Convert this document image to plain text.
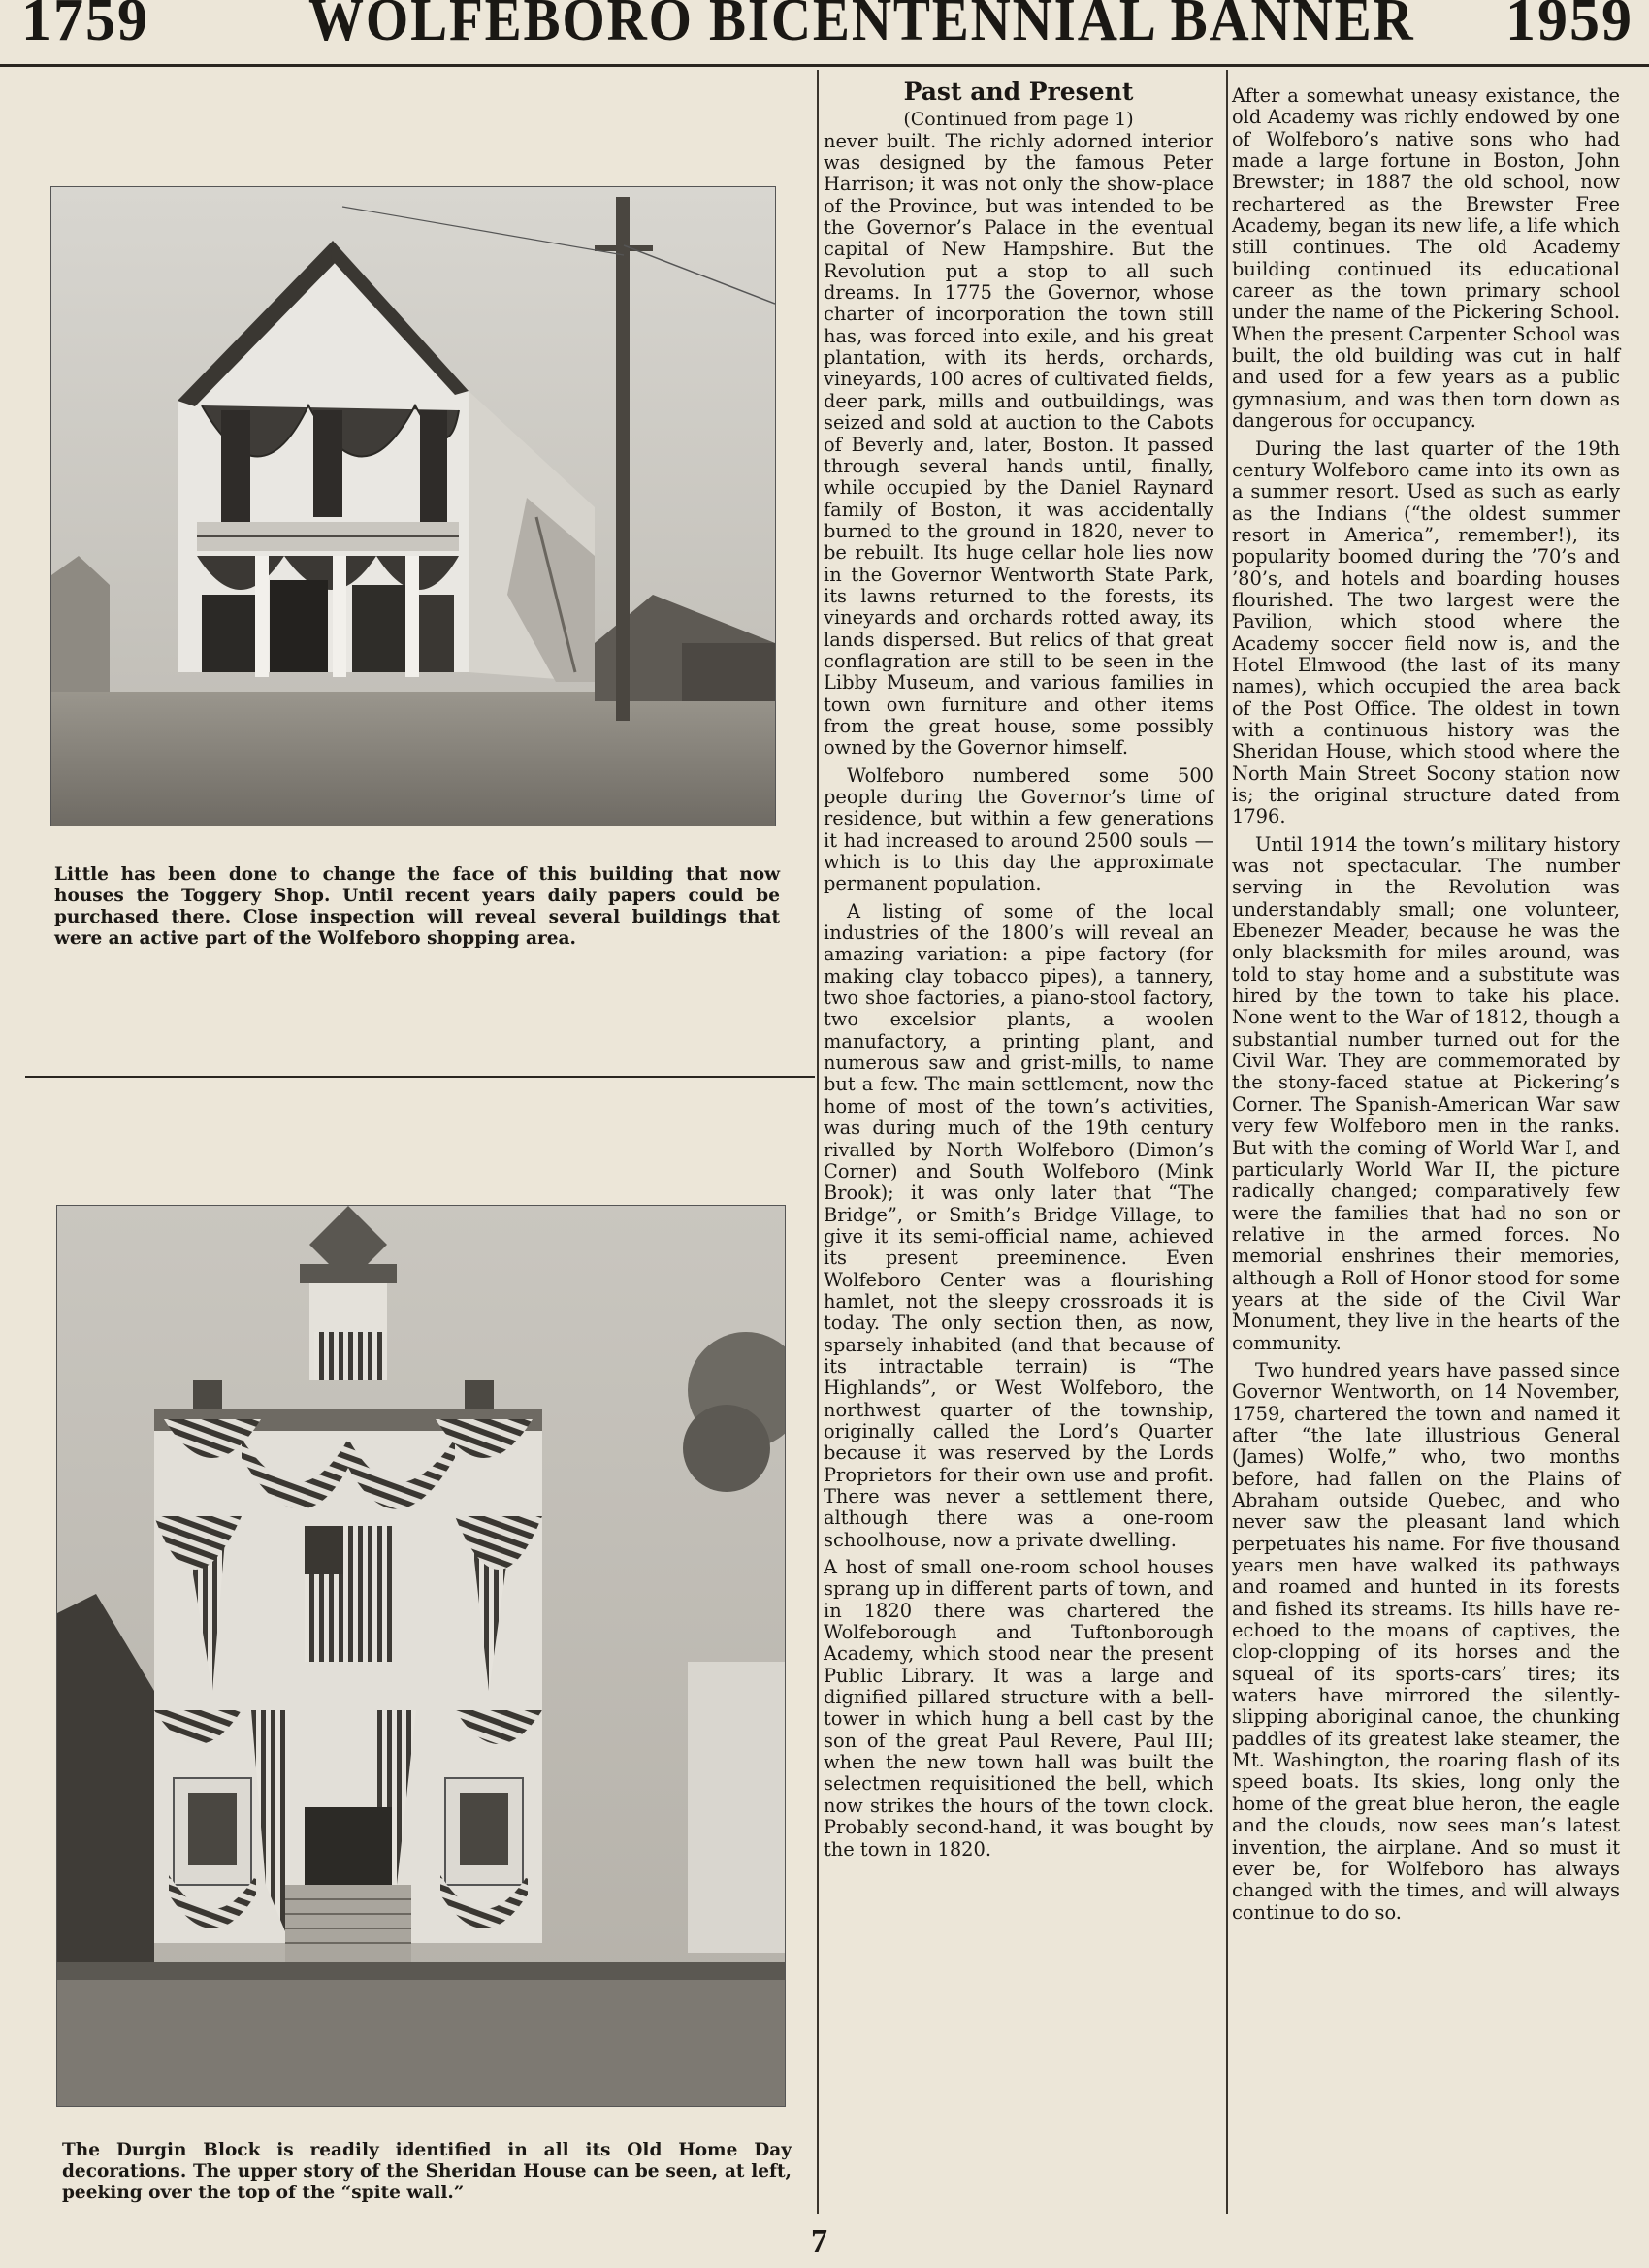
1759	WOLFEBORO BICENTENNIAL BANNER 1959
Little has been done to change the face of this building that now houses the Toggery Shop. Until recent years daily papers could be purchased there. Close inspection will reveal several buildings that were an active part of the Wolfeboro shopping area.
The Durgin Block is readily identified in all its Old Home Day decorations. The upper story of the Sheridan House can be seen, at left, peeking over the top of the “spite wall.”
Past and Present
(Continued from page 1)

never built. The richly adorned interior was designed by the famous Peter Harrison; it was not only the show-place of the Province, but was intended to be the Governor’s Palace in the eventual capital of New Hampshire. But the Revolution put a stop to all such dreams. In 1775 the Governor, whose charter of incorporation the town still has, was forced into exile, and his great plantation, with its herds, orchards, vineyards, 100 acres of cultivated fields, deer park, mills and outbuildings, was seized and sold at auction to the Cabots of Beverly and, later, Boston. It passed through several hands until, finally, while occupied by the Daniel Raynard family of Boston, it was accidentally burned to the ground in 1820, never to be rebuilt. Its huge cellar hole lies now in the Governor Wentworth State Park, its lawns returned to the forests, its vineyards and orchards rotted away, its lands dispersed. But relics of that great conflagration are still to be seen in the Libby Museum, and various families in town own furniture and other items from the great house, some possibly owned by the Governor himself.

Wolfeboro numbered some 500 people during the Governor’s time of residence, but within a few generations it had increased to around 2500 souls — which is to this day the approximate permanent population.

A listing of some of the local industries of the 1800’s will reveal an amazing variation: a pipe factory (for making clay tobacco pipes), a tannery, two shoe factories, a piano-stool factory, two excelsior plants, a woolen manufactory, a printing plant, and numerous saw and grist-mills, to name but a few. The main settlement, now the home of most of the town’s activities, was during much of the 19th century rivalled by North Wolfeboro (Dimon’s Corner) and South Wolfeboro (Mink Brook); it was only later that “The Bridge”, or Smith’s Bridge Village, to give it its semi-official name, achieved its present preeminence. Even Wolfeboro Center was a flourishing hamlet, not the sleepy crossroads it is today. The only section then, as now, sparsely inhabited (and that because of its intractable terrain) is “The Highlands”, or West Wolfeboro, the northwest quarter of the township, originally called the Lord’s Quarter because it was reserved by the Lords Proprietors for their own use and profit. There was never a settlement there, although there was a one-room schoolhouse, now a private dwelling.

A host of small one-room school houses sprang up in different parts of town, and in 1820 there was chartered the Wolfeborough and Tuftonborough Academy, which stood near the present Public Library. It was a large and dignified pillared structure with a bell-tower in which hung a bell cast by the son of the great Paul Revere, Paul III; when the new town hall was built the selectmen requisitioned the bell, which now strikes the hours of the town clock. Probably second-hand, it was bought by the town in 1820.

After a somewhat uneasy existance, the old Academy was richly endowed by one of Wolfeboro’s native sons who had made a large fortune in Boston, John Brewster; in 1887 the old school, now rechartered as the Brewster Free Academy, began its new life, a life which still continues. The old Academy building continued its educational career as the town primary school under the name of the Pickering School. When the present Carpenter School was built, the old building was cut in half and used for a few years as a public gymnasium, and was then torn down as dangerous for occupancy.

During the last quarter of the 19th century Wolfeboro came into its own as a summer resort. Used as such as early as the Indians (“the oldest summer resort in America”, remember!), its popularity boomed during the ’70’s and ’80’s, and hotels and boarding houses flourished. The two largest were the Pavilion, which stood where the Academy soccer field now is, and the Hotel Elmwood (the last of its many names), which occupied the area back of the Post Office. The oldest in town with a continuous history was the Sheridan House, which stood where the North Main Street Socony station now is; the original structure dated from 1796.

Until 1914 the town’s military history was not spectacular. The number serving in the Revolution was understandably small; one volunteer, Ebenezer Meader, because he was the only blacksmith for miles around, was told to stay home and a substitute was hired by the town to take his place. None went to the War of 1812, though a substantial number turned out for the Civil War. They are commemorated by the stony-faced statue at Pickering’s Corner. The Spanish-American War saw very few Wolfeboro men in the ranks. But with the coming of World War I, and particularly World War II, the picture radically changed; comparatively few were the families that had no son or relative in the armed forces. No memorial enshrines their memories, although a Roll of Honor stood for some years at the side of the Civil War Monument, they live in the hearts of the community.

Two hundred years have passed since Governor Wentworth, on 14 November, 1759, chartered the town and named it after “the late illustrious General (James) Wolfe,” who, two months before, had fallen on the Plains of Abraham outside Quebec, and who never saw the pleasant land which perpetuates his name. For five thousand years men have walked its pathways and roamed and hunted in its forests and fished its streams. Its hills have re-echoed to the moans of captives, the clop-clopping of its horses and the squeal of its sports-cars’ tires; its waters have mirrored the silently-slipping aboriginal canoe, the chunking paddles of its greatest lake steamer, the Mt. Washington, the roaring flash of its speed boats. Its skies, long only the home of the great blue heron, the eagle and the clouds, now sees man’s latest invention, the airplane. And so must it ever be, for Wolfeboro has always changed with the times, and will always continue to do so.

7
